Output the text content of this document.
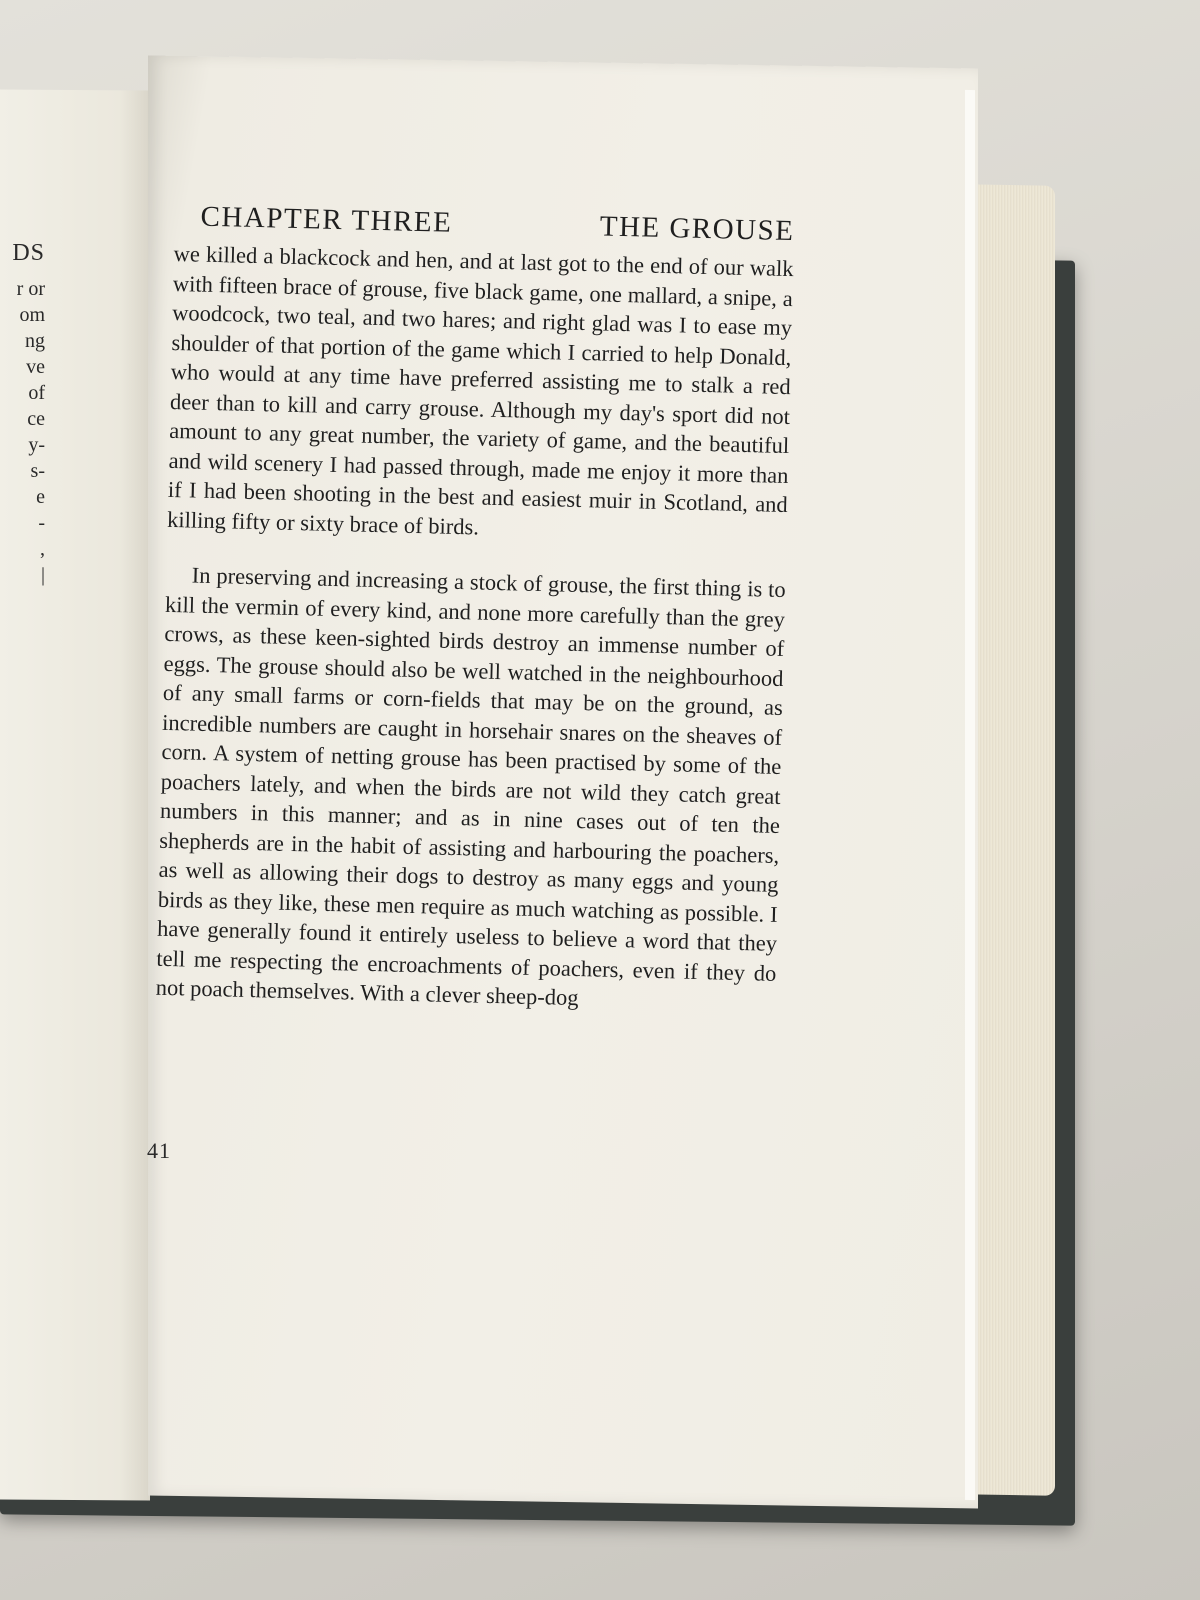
DS
r or
om
ng
ve
of
ce
y-
s-
e
-
,
|
CHAPTER THREE	THE GROUSE

we killed a blackcock and hen, and at last got to the end of our walk with fifteen brace of grouse, five black game, one mallard, a snipe, a woodcock, two teal, and two hares; and right glad was I to ease my shoulder of that portion of the game which I carried to help Donald, who would at any time have preferred assisting me to stalk a red deer than to kill and carry grouse. Although my day's sport did not amount to any great number, the variety of game, and the beautiful and wild scenery I had passed through, made me enjoy it more than if I had been shooting in the best and easiest muir in Scotland, and killing fifty or sixty brace of birds.

In preserving and increasing a stock of grouse, the first thing is to kill the vermin of every kind, and none more carefully than the grey crows, as these keen-sighted birds destroy an immense number of eggs. The grouse should also be well watched in the neighbourhood of any small farms or corn-fields that may be on the ground, as incredible numbers are caught in horsehair snares on the sheaves of corn. A system of netting grouse has been practised by some of the poachers lately, and when the birds are not wild they catch great numbers in this manner; and as in nine cases out of ten the shepherds are in the habit of assisting and harbouring the poachers, as well as allowing their dogs to destroy as many eggs and young birds as they like, these men require as much watching as possible. I have generally found it entirely useless to believe a word that they tell me respecting the encroachments of poachers, even if they do not poach themselves. With a clever sheep-dog

41
